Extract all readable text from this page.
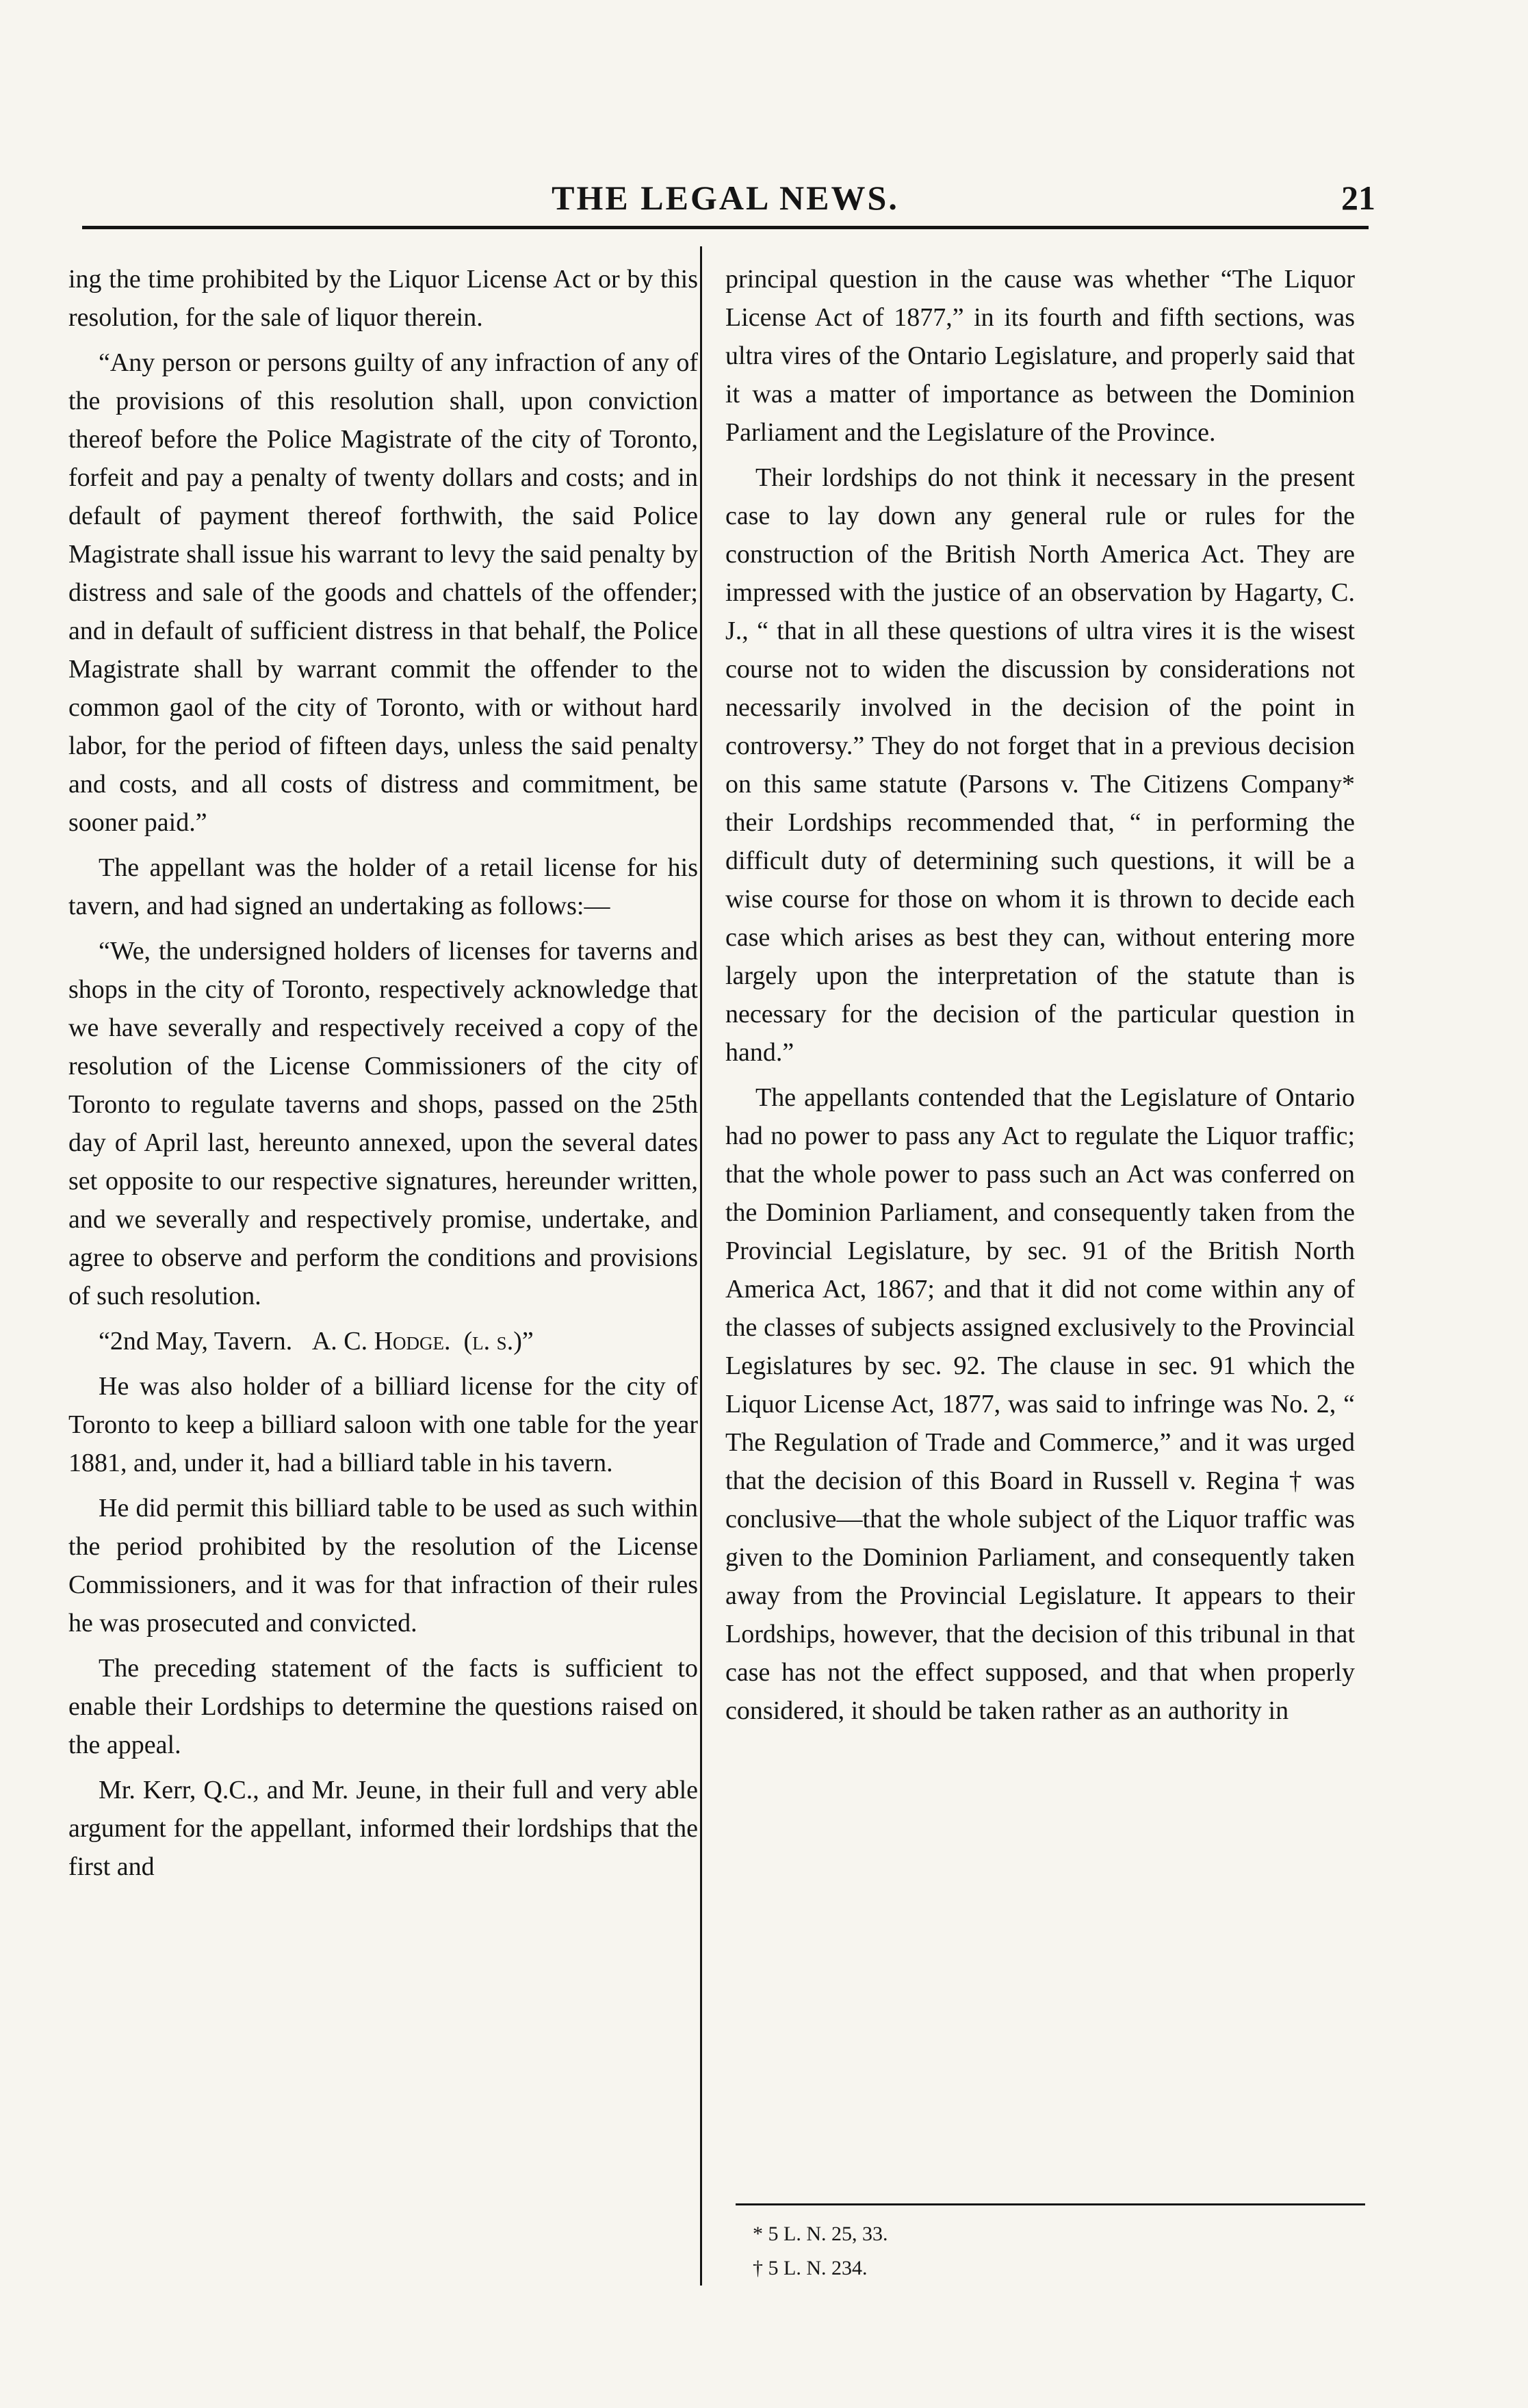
THE LEGAL NEWS.	21

ing the time prohibited by the Liquor License Act or by this resolution, for the sale of liquor therein.

“Any person or persons guilty of any infraction of any of the provisions of this resolution shall, upon conviction thereof before the Police Magistrate of the city of Toronto, forfeit and pay a penalty of twenty dollars and costs; and in default of payment thereof forthwith, the said Police Magistrate shall issue his warrant to levy the said penalty by distress and sale of the goods and chattels of the offender; and in default of sufficient distress in that behalf, the Police Magistrate shall by warrant commit the offender to the common gaol of the city of Toronto, with or without hard labor, for the period of fifteen days, unless the said penalty and costs, and all costs of distress and commitment, be sooner paid.”

The appellant was the holder of a retail license for his tavern, and had signed an undertaking as follows:—

“We, the undersigned holders of licenses for taverns and shops in the city of Toronto, respectively acknowledge that we have severally and respectively received a copy of the resolution of the License Commissioners of the city of Toronto to regulate taverns and shops, passed on the 25th day of April last, hereunto annexed, upon the several dates set opposite to our respective signatures, hereunder written, and we severally and respectively promise, undertake, and agree to observe and perform the conditions and provisions of such resolution.

“2nd May, Tavern. A. C. Hodge. (l. s.)”

He was also holder of a billiard license for the city of Toronto to keep a billiard saloon with one table for the year 1881, and, under it, had a billiard table in his tavern.

He did permit this billiard table to be used as such within the period prohibited by the resolution of the License Commissioners, and it was for that infraction of their rules he was prosecuted and convicted.

The preceding statement of the facts is sufficient to enable their Lordships to determine the questions raised on the appeal.

Mr. Kerr, Q.C., and Mr. Jeune, in their full and very able argument for the appellant, informed their lordships that the first and

principal question in the cause was whether “The Liquor License Act of 1877,” in its fourth and fifth sections, was ultra vires of the Ontario Legislature, and properly said that it was a matter of importance as between the Dominion Parliament and the Legislature of the Province.

Their lordships do not think it necessary in the present case to lay down any general rule or rules for the construction of the British North America Act. They are impressed with the justice of an observation by Hagarty, C. J., “ that in all these questions of ultra vires it is the wisest course not to widen the discussion by considerations not necessarily involved in the decision of the point in controversy.” They do not forget that in a previous decision on this same statute (Parsons v. The Citizens Company* their Lordships recommended that, “ in performing the difficult duty of determining such questions, it will be a wise course for those on whom it is thrown to decide each case which arises as best they can, without entering more largely upon the interpretation of the statute than is necessary for the decision of the particular question in hand.”

The appellants contended that the Legislature of Ontario had no power to pass any Act to regulate the Liquor traffic; that the whole power to pass such an Act was conferred on the Dominion Parliament, and consequently taken from the Provincial Legislature, by sec. 91 of the British North America Act, 1867; and that it did not come within any of the classes of subjects assigned exclusively to the Provincial Legislatures by sec. 92. The clause in sec. 91 which the Liquor License Act, 1877, was said to infringe was No. 2, “ The Regulation of Trade and Commerce,” and it was urged that the decision of this Board in Russell v. Regina † was conclusive—that the whole subject of the Liquor traffic was given to the Dominion Parliament, and consequently taken away from the Provincial Legislature. It appears to their Lordships, however, that the decision of this tribunal in that case has not the effect supposed, and that when properly considered, it should be taken rather as an authority in

* 5 L. N. 25, 33.
† 5 L. N. 234.
